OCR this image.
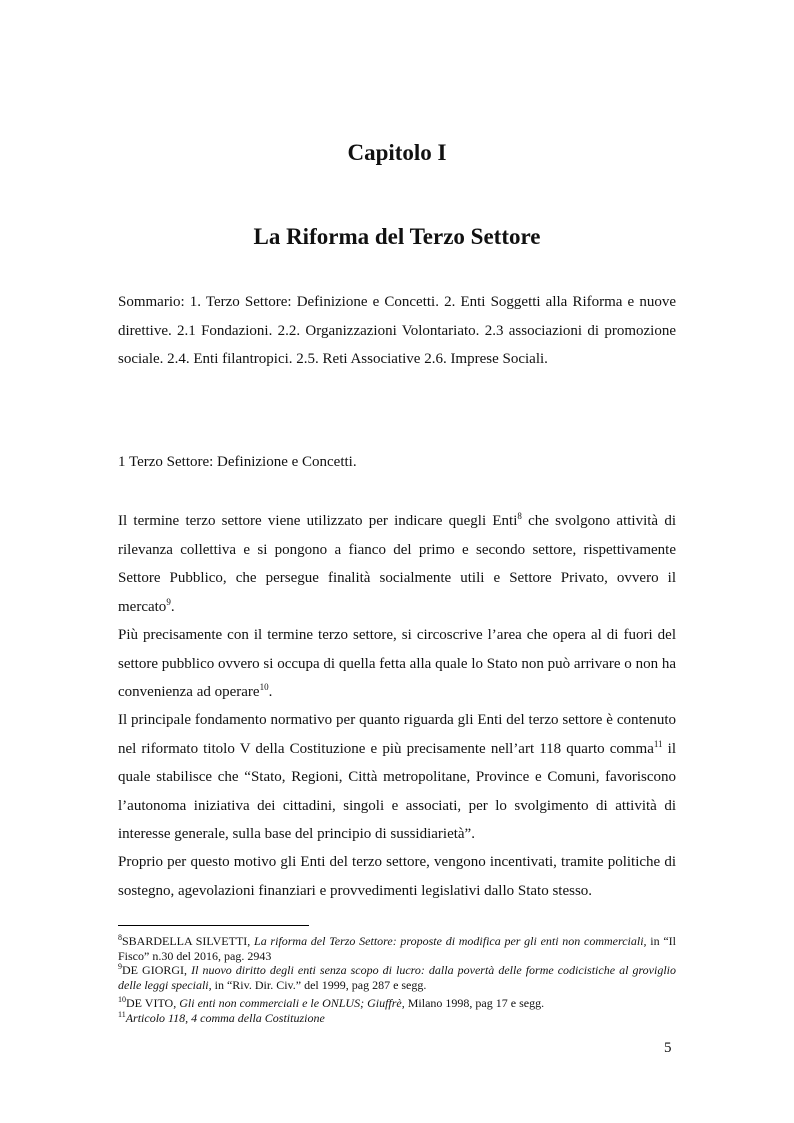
Capitolo I
La Riforma del Terzo Settore
Sommario: 1. Terzo Settore: Definizione e Concetti. 2. Enti Soggetti alla Riforma e nuove direttive. 2.1 Fondazioni. 2.2. Organizzazioni Volontariato. 2.3 associazioni di promozione sociale. 2.4. Enti filantropici. 2.5. Reti Associative 2.6. Imprese Sociali.
1 Terzo Settore: Definizione e Concetti.

Il termine terzo settore viene utilizzato per indicare quegli Enti$^8$ che svolgono attività di rilevanza collettiva e si pongono a fianco del primo e secondo settore, rispettivamente Settore Pubblico, che persegue finalità socialmente utili e Settore Privato, ovvero il mercato$^9$.

Più precisamente con il termine terzo settore, si circoscrive l’area che opera al di fuori del settore pubblico ovvero si occupa di quella fetta alla quale lo Stato non può arrivare o non ha convenienza ad operare$^{10}$.

Il principale fondamento normativo per quanto riguarda gli Enti del terzo settore è contenuto nel riformato titolo V della Costituzione e più precisamente nell’art 118 quarto comma$^{11}$ il quale stabilisce che “Stato, Regioni, Città metropolitane, Province e Comuni, favoriscono l’autonoma iniziativa dei cittadini, singoli e associati, per lo svolgimento di attività di interesse generale, sulla base del principio di sussidiarietà”.

Proprio per questo motivo gli Enti del terzo settore, vengono incentivati, tramite politiche di sostegno, agevolazioni finanziari e provvedimenti legislativi dallo Stato stesso.

$^8$SBARDELLA SILVETTI, La riforma del Terzo Settore: proposte di modifica per gli enti non commerciali, in “Il Fisco” n.30 del 2016, pag. 2943

$^9$DE GIORGI, Il nuovo diritto degli enti senza scopo di lucro: dalla povertà delle forme codicistiche al groviglio delle leggi speciali, in “Riv. Dir. Civ.” del 1999, pag 287 e segg.

$^{10}$DE VITO, Gli enti non commerciali e le ONLUS; Giuffrè, Milano 1998, pag 17 e segg.

$^{11}$Articolo 118, 4 comma della Costituzione

5
